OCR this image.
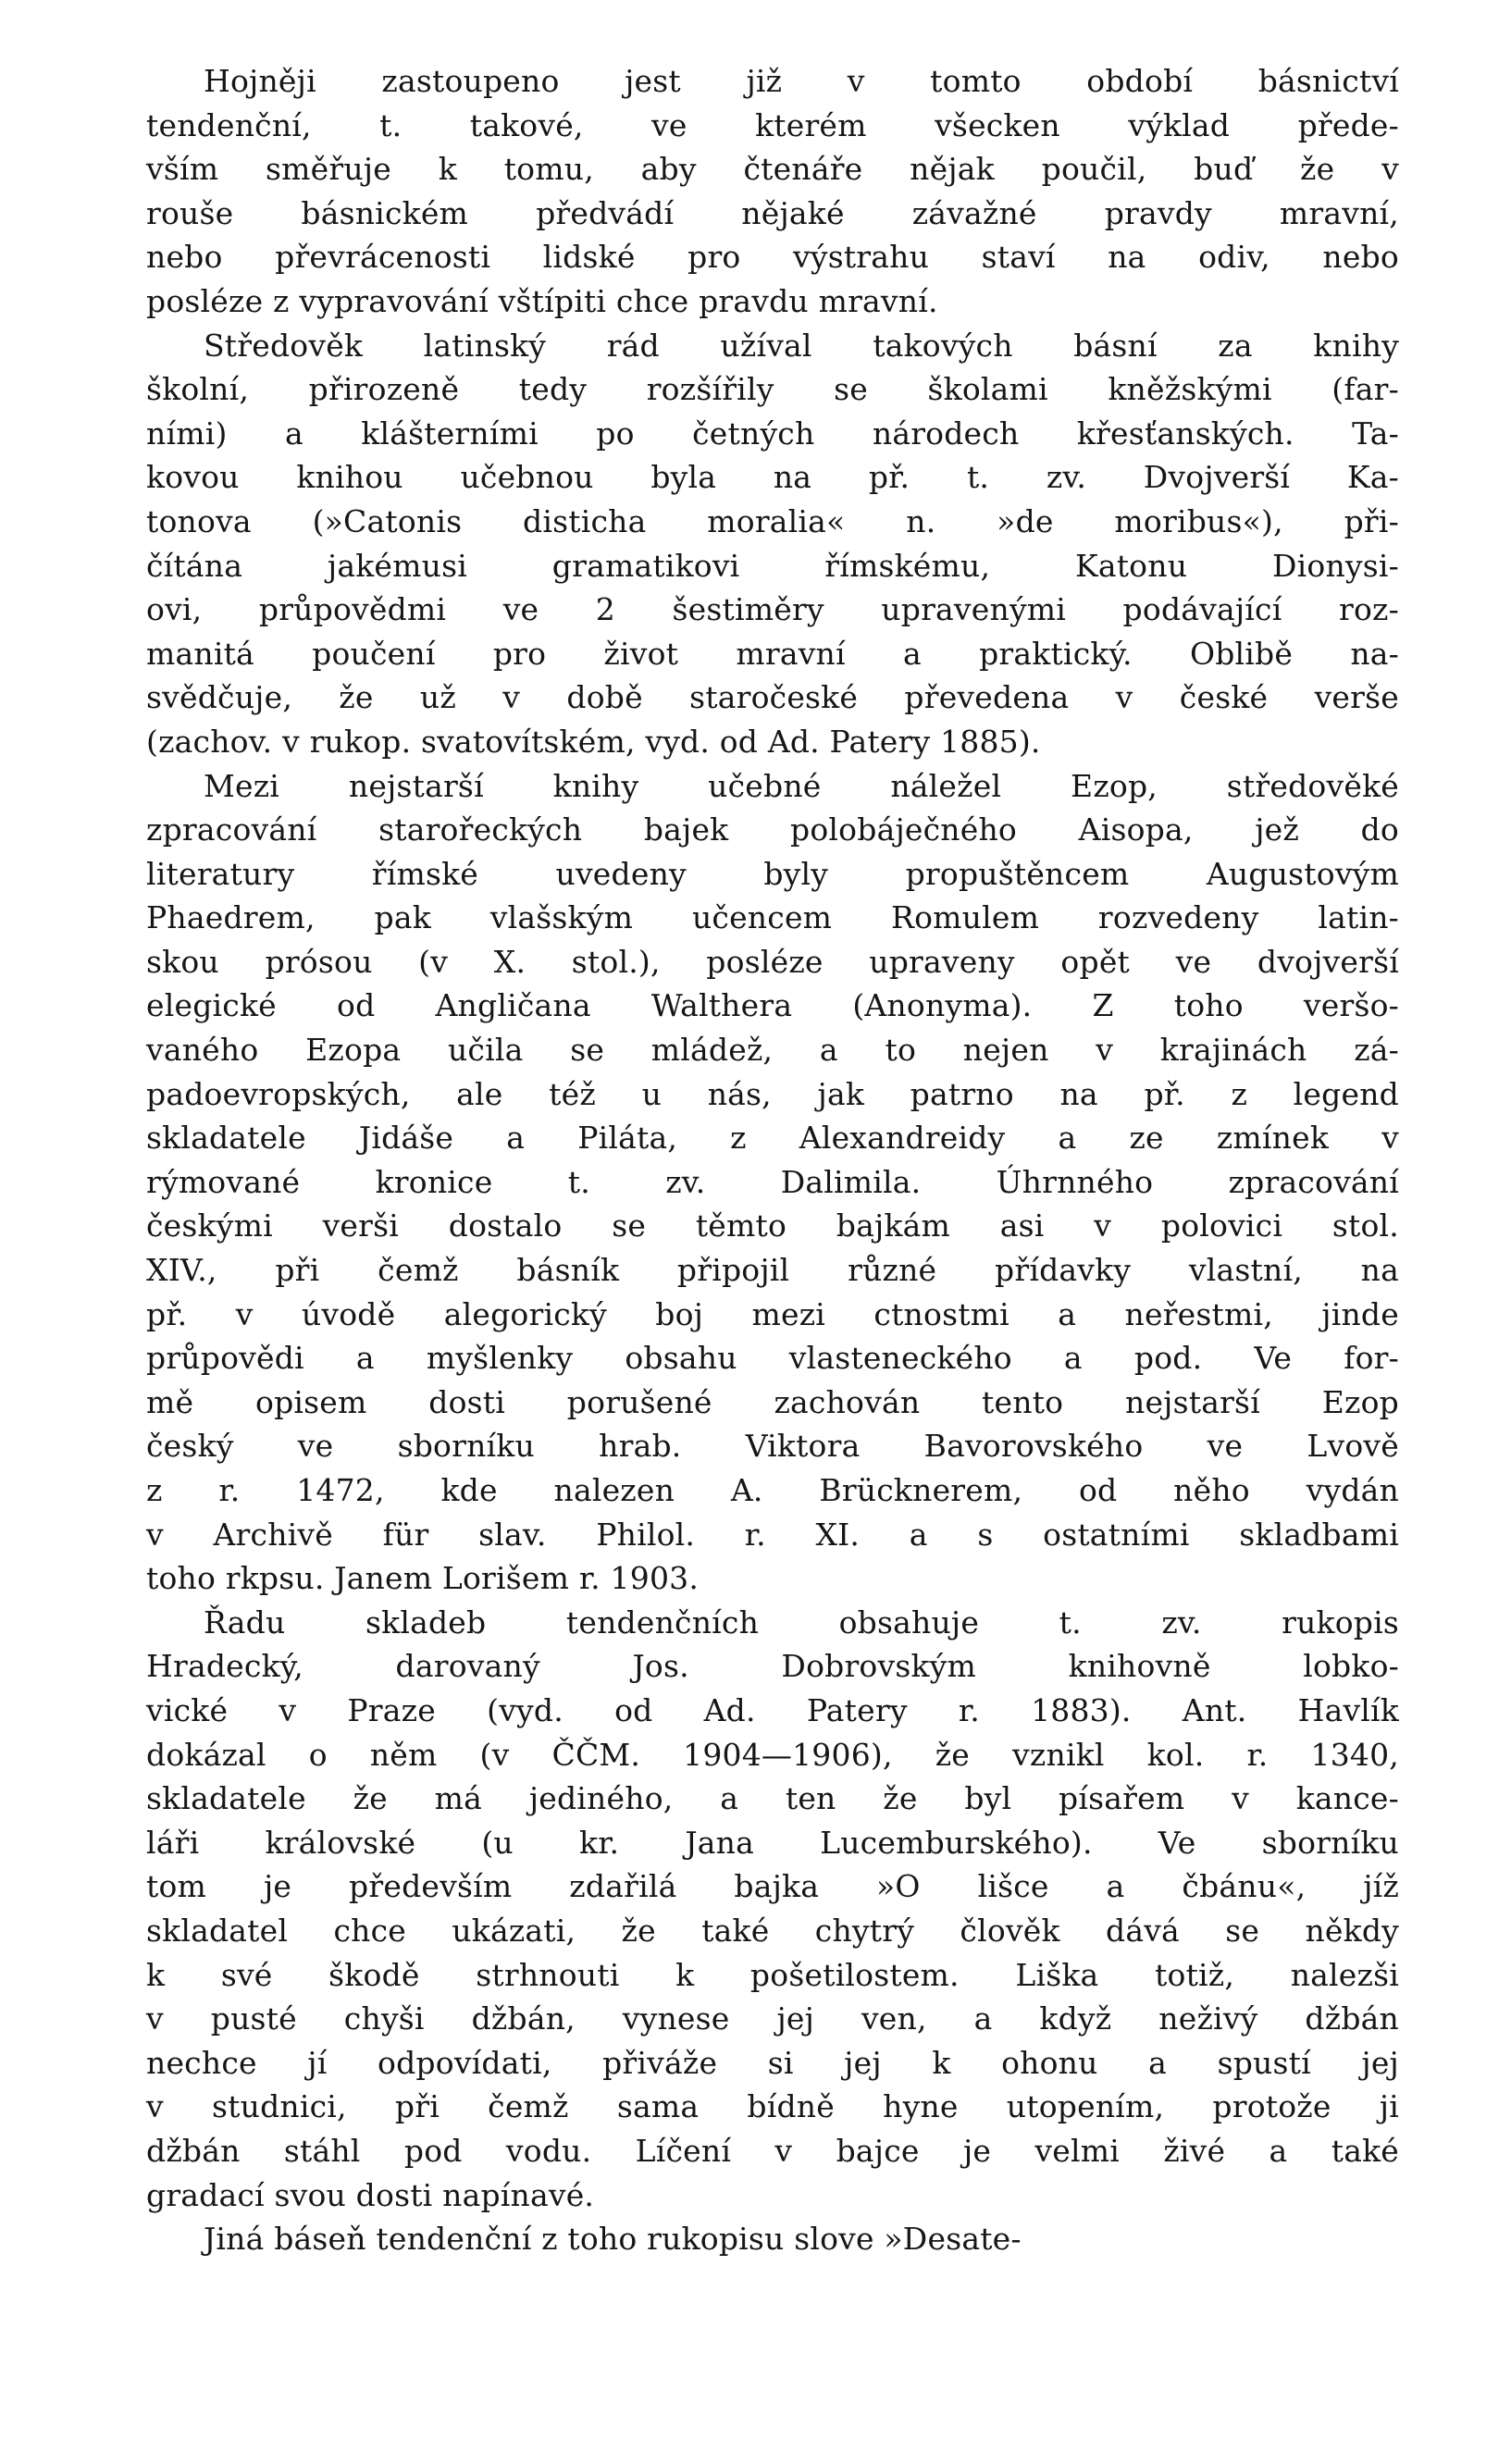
Hojněji zastoupeno jest již v tomto období básnictví
tendenční, t. takové, ve kterém všecken výklad přede-
vším směřuje k tomu, aby čtenáře nějak poučil, buď že v
rouše básnickém předvádí nějaké závažné pravdy mravní,
nebo převrácenosti lidské pro výstrahu staví na odiv, nebo
posléze z vypravování vštípiti chce pravdu mravní.
Středověk latinský rád užíval takových básní za knihy
školní, přirozeně tedy rozšířily se školami kněžskými (far-
ními) a klášterními po četných národech křesťanských. Ta-
kovou knihou učebnou byla na př. t. zv. Dvojverší Ka-
tonova (»Catonis disticha moralia« n. »de moribus«), při-
čítána jakémusi gramatikovi římskému, Katonu Dionysi-
ovi, průpovědmi ve 2 šestiměry upravenými podávající roz-
manitá poučení pro život mravní a praktický. Oblibě na-
svědčuje, že už v době staročeské převedena v české verše
(zachov. v rukop. svatovítském, vyd. od Ad. Patery 1885).
Mezi nejstarší knihy učebné náležel Ezop, středověké
zpracování starořeckých bajek polobáječného Aisopa, jež do
literatury římské uvedeny byly propuštěncem Augustovým
Phaedrem, pak vlašským učencem Romulem rozvedeny latin-
skou prósou (v X. stol.), posléze upraveny opět ve dvojverší
elegické od Angličana Walthera (Anonyma). Z toho veršo-
vaného Ezopa učila se mládež, a to nejen v krajinách zá-
padoevropských, ale též u nás, jak patrno na př. z legend
skladatele Jidáše a Piláta, z Alexandreidy a ze zmínek v
rýmované kronice t. zv. Dalimila. Úhrnného zpracování
českými verši dostalo se těmto bajkám asi v polovici stol.
XIV., při čemž básník připojil různé přídavky vlastní, na
př. v úvodě alegorický boj mezi ctnostmi a neřestmi, jinde
průpovědi a myšlenky obsahu vlasteneckého a pod. Ve for-
mě opisem dosti porušené zachován tento nejstarší Ezop
český ve sborníku hrab. Viktora Bavorovského ve Lvově
z r. 1472, kde nalezen A. Brücknerem, od něho vydán
v Archivě für slav. Philol. r. XI. a s ostatními skladbami
toho rkpsu. Janem Lorišem r. 1903.
Řadu skladeb tendenčních obsahuje t. zv. rukopis
Hradecký, darovaný Jos. Dobrovským knihovně lobko-
vické v Praze (vyd. od Ad. Patery r. 1883). Ant. Havlík
dokázal o něm (v ČČM. 1904—1906), že vznikl kol. r. 1340,
skladatele že má jediného, a ten že byl písařem v kance-
láři královské (u kr. Jana Lucemburského). Ve sborníku
tom je především zdařilá bajka »O lišce a čbánu«, jíž
skladatel chce ukázati, že také chytrý člověk dává se někdy
k své škodě strhnouti k pošetilostem. Liška totiž, nalezši
v pusté chyši džbán, vynese jej ven, a když neživý džbán
nechce jí odpovídati, přiváže si jej k ohonu a spustí jej
v studnici, při čemž sama bídně hyne utopením, protože ji
džbán stáhl pod vodu. Líčení v bajce je velmi živé a také
gradací svou dosti napínavé.
Jiná báseň tendenční z toho rukopisu slove »Desate-
